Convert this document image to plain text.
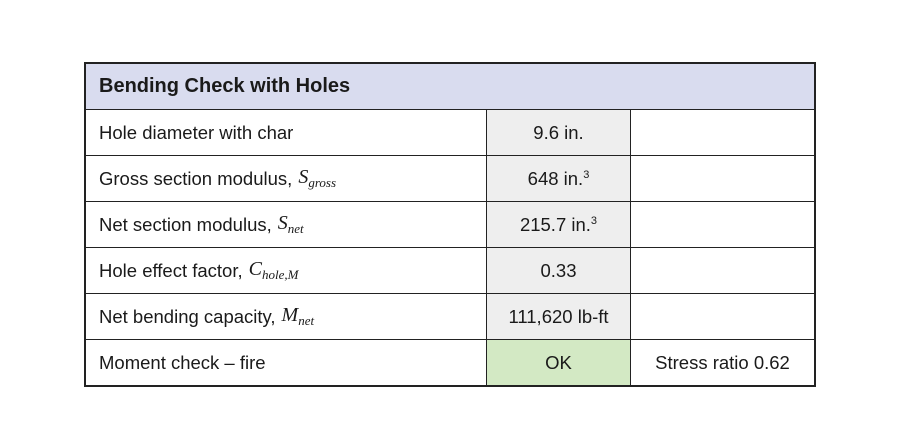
Bending Check with Holes
Hole diameter with char	9.6 in.
Gross section modulus, $S_{gross}$	648 in.$^3$
Net section modulus, $S_{net}$	215.7 in.$^3$
Hole effect factor, $C_{hole,M}$	0.33
Net bending capacity, $M_{net}$	111,620 lb-ft
Moment check – fire	OK	Stress ratio 0.62
